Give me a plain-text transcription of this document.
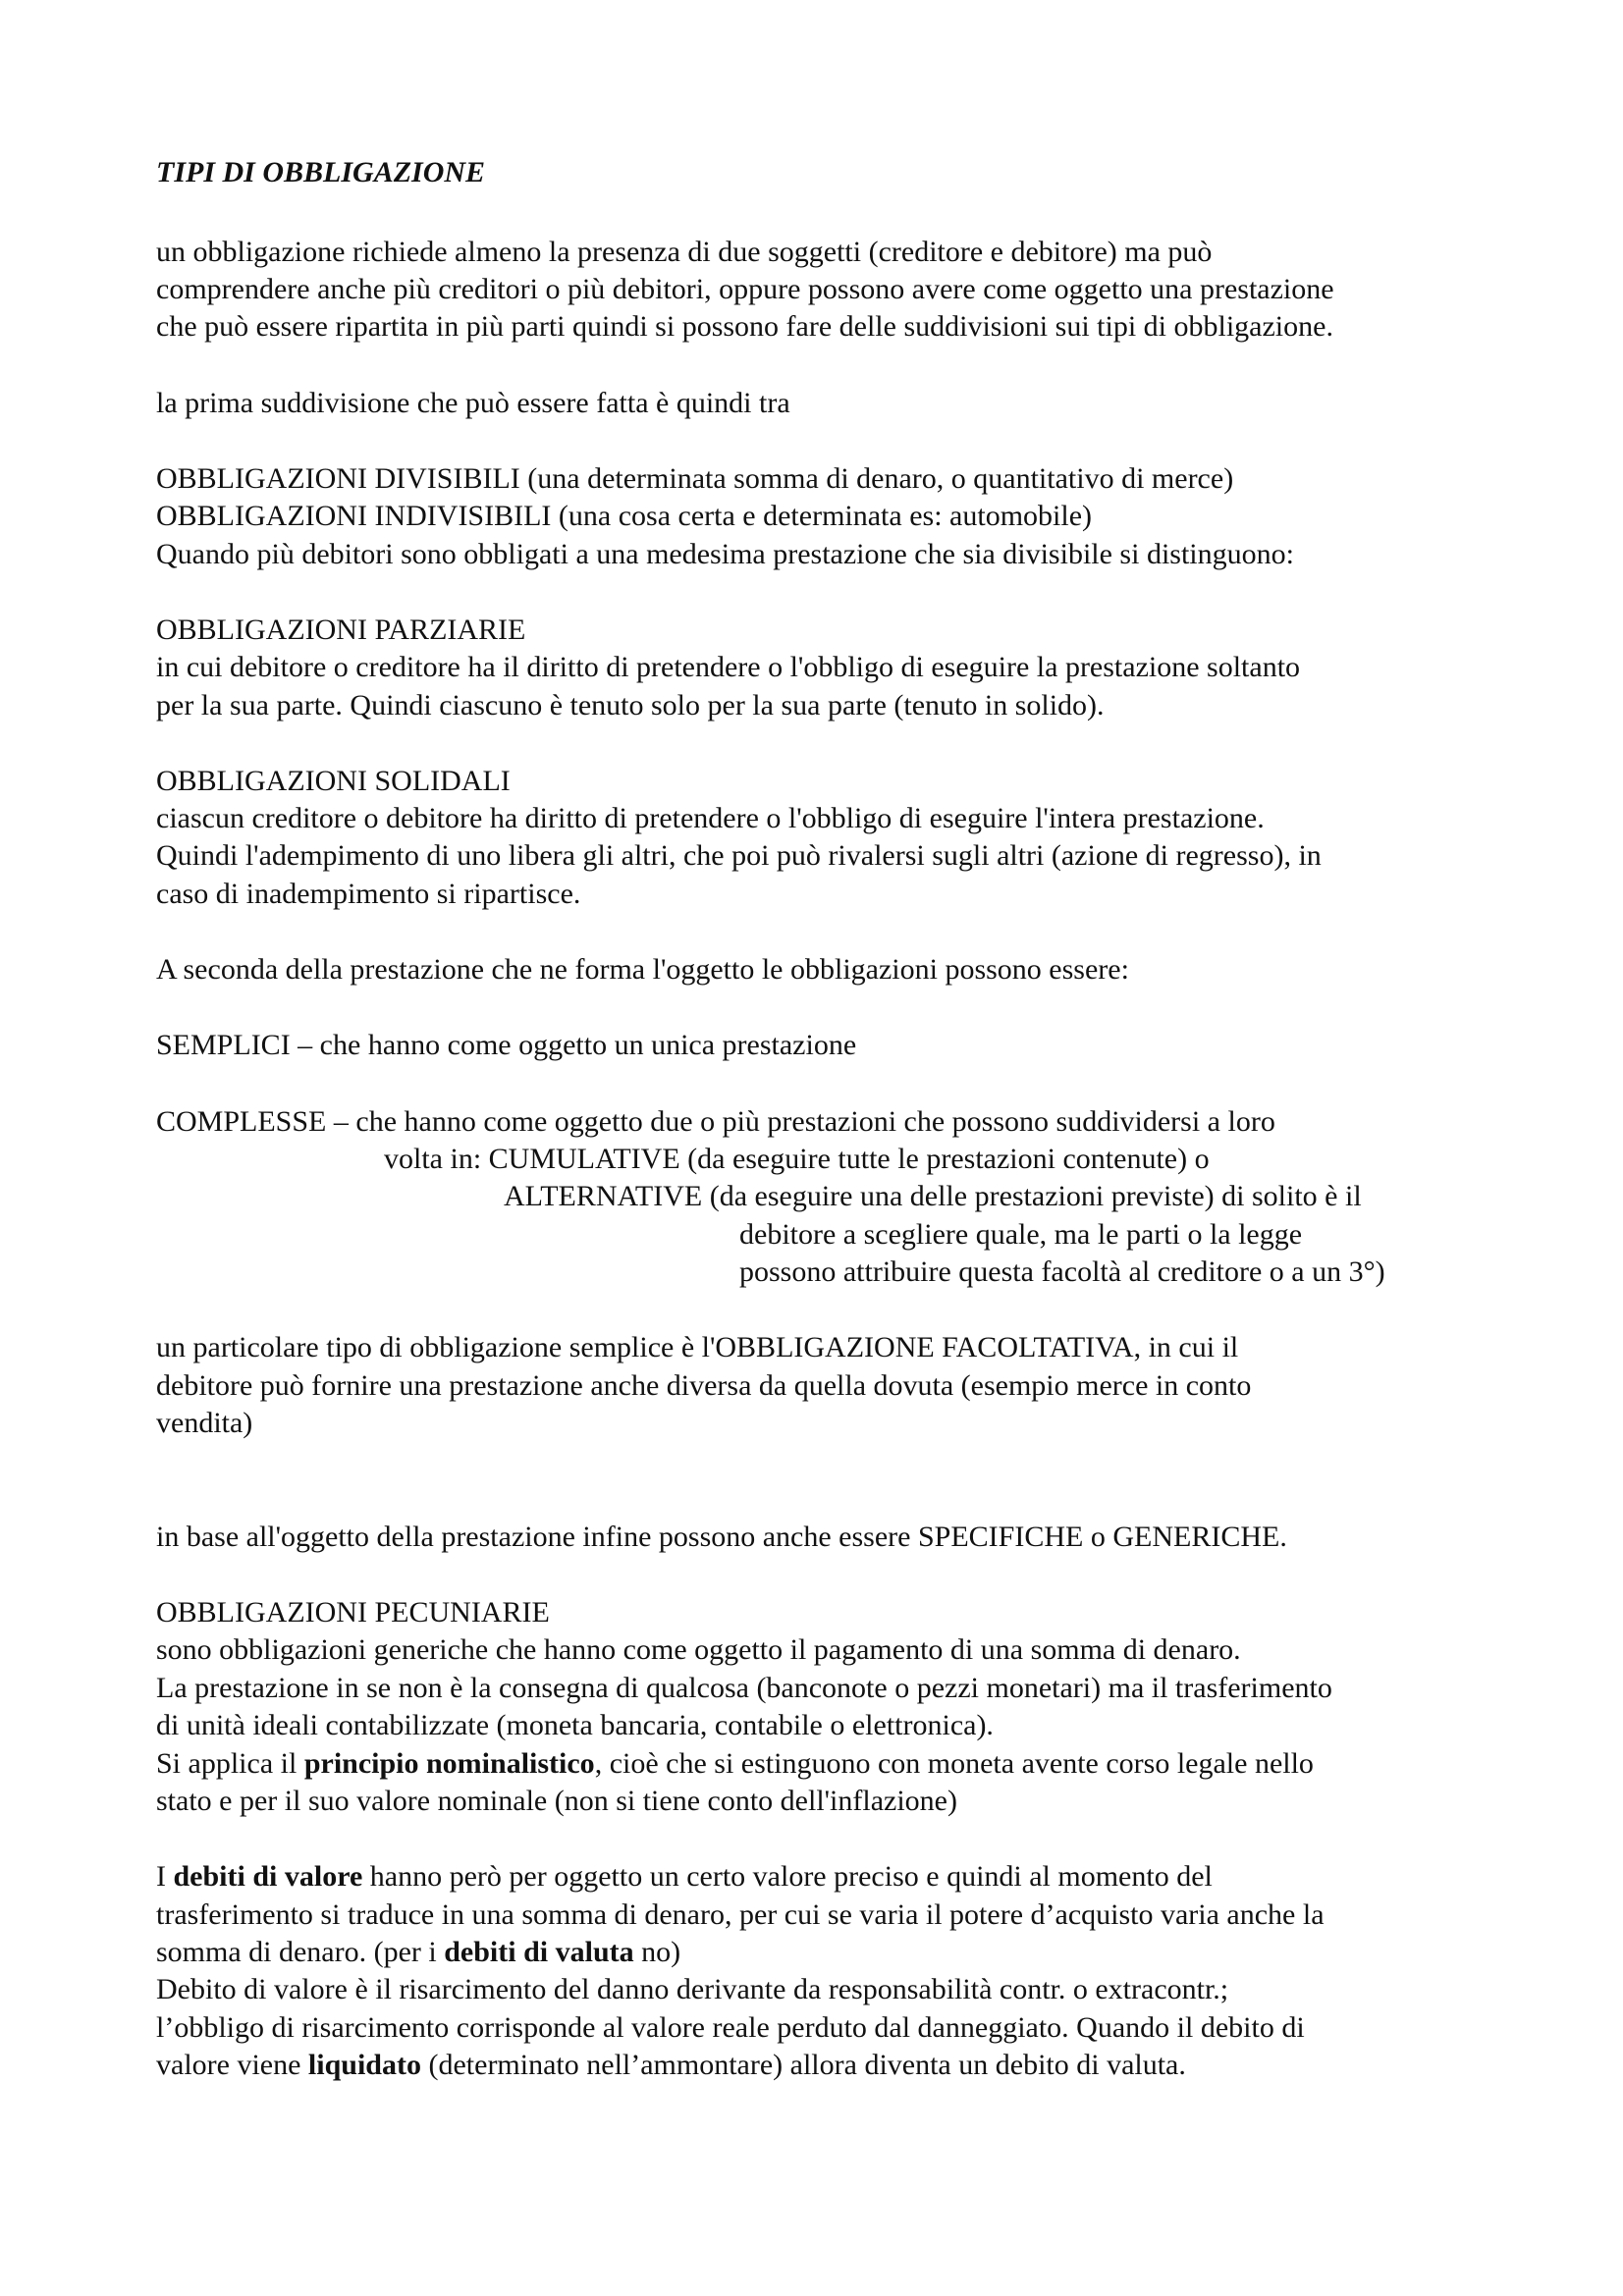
TIPI DI OBBLIGAZIONE
un obbligazione richiede almeno la presenza di due soggetti (creditore e debitore) ma può
comprendere anche più creditori o più debitori, oppure possono avere come oggetto una prestazione
che può essere ripartita in più parti quindi si possono fare delle suddivisioni sui tipi di obbligazione.
la prima suddivisione che può essere fatta è quindi tra
OBBLIGAZIONI DIVISIBILI (una determinata somma di denaro, o quantitativo di merce)
OBBLIGAZIONI INDIVISIBILI (una cosa certa e determinata es: automobile)
Quando più debitori sono obbligati a una medesima prestazione che sia divisibile si distinguono:
OBBLIGAZIONI PARZIARIE
in cui debitore o creditore ha il diritto di pretendere o l'obbligo di eseguire la prestazione soltanto
per la sua parte. Quindi ciascuno è tenuto solo per la sua parte (tenuto in solido).
OBBLIGAZIONI SOLIDALI
ciascun creditore o debitore ha diritto di pretendere o l'obbligo di eseguire l'intera prestazione.
Quindi l'adempimento di uno libera gli altri, che poi può rivalersi sugli altri (azione di regresso), in
caso di inadempimento si ripartisce.
A seconda della prestazione che ne forma l'oggetto le obbligazioni possono essere:
SEMPLICI – che hanno come oggetto un unica prestazione
COMPLESSE – che hanno come oggetto due o più prestazioni che possono suddividersi a loro
volta in: CUMULATIVE (da eseguire tutte le prestazioni contenute) o
ALTERNATIVE (da eseguire una delle prestazioni previste) di solito è il
debitore a scegliere quale, ma le parti o la legge
possono attribuire questa facoltà al creditore o a un 3°)
un particolare tipo di obbligazione semplice è l'OBBLIGAZIONE FACOLTATIVA, in cui il
debitore può fornire una prestazione anche diversa da quella dovuta (esempio merce in conto
vendita)
in base all'oggetto della prestazione infine possono anche essere SPECIFICHE o GENERICHE.
OBBLIGAZIONI PECUNIARIE
sono obbligazioni generiche che hanno come oggetto il pagamento di una somma di denaro.
La prestazione in se non è la consegna di qualcosa (banconote o pezzi monetari) ma il trasferimento
di unità ideali contabilizzate (moneta bancaria, contabile o elettronica).
Si applica il principio nominalistico, cioè che si estinguono con moneta avente corso legale nello
stato e per il suo valore nominale (non si tiene conto dell'inflazione)
I debiti di valore hanno però per oggetto un certo valore preciso e quindi al momento del
trasferimento si traduce in una somma di denaro, per cui se varia il potere d’acquisto varia anche la
somma di denaro. (per i debiti di valuta no)
Debito di valore è il risarcimento del danno derivante da responsabilità contr. o extracontr.;
l’obbligo di risarcimento corrisponde al valore reale perduto dal danneggiato. Quando il debito di
valore viene liquidato (determinato nell’ammontare) allora diventa un debito di valuta.
